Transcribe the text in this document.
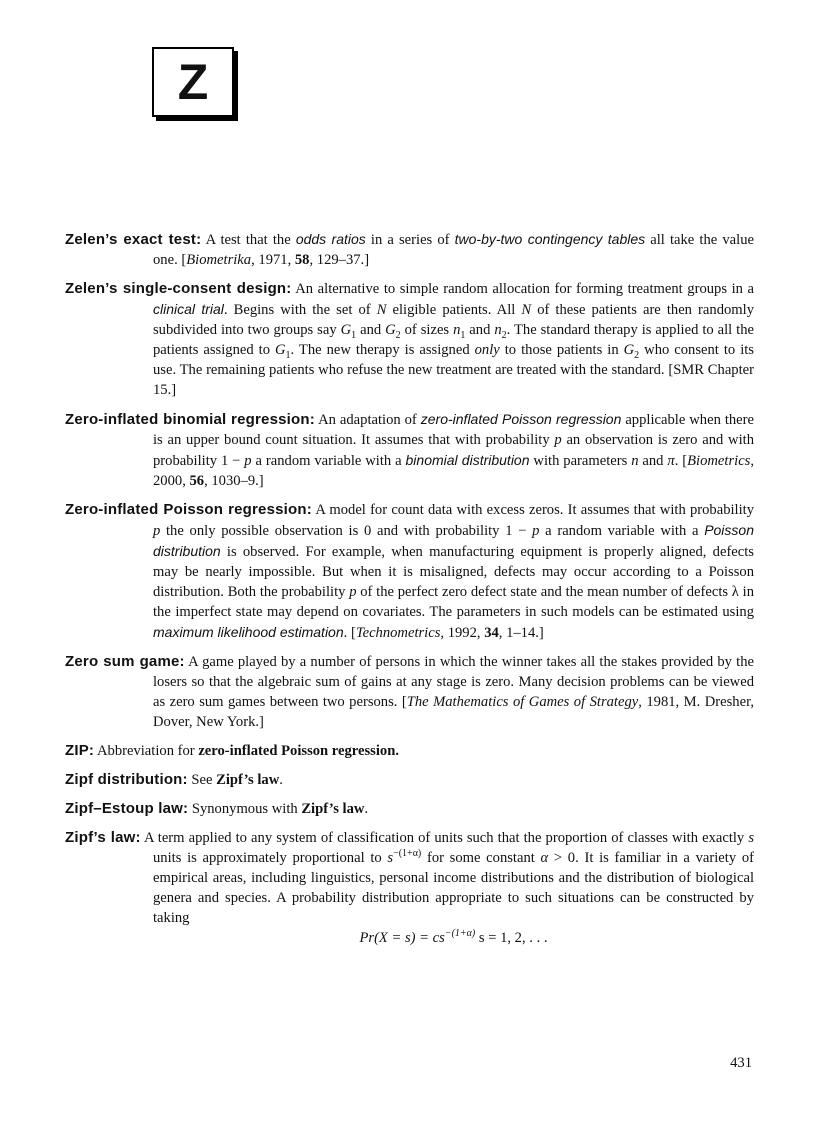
Z

Zelen’s exact test: A test that the odds ratios in a series of two-by-two contingency tables all take the value one. [Biometrika, 1971, 58, 129–37.]

Zelen’s single-consent design: An alternative to simple random allocation for forming treatment groups in a clinical trial. Begins with the set of N eligible patients. All N of these patients are then randomly subdivided into two groups say $G_1$ and $G_2$ of sizes $n_1$ and $n_2$. The standard therapy is applied to all the patients assigned to $G_1$. The new therapy is assigned only to those patients in $G_2$ who consent to its use. The remaining patients who refuse the new treatment are treated with the standard. [SMR Chapter 15.]

Zero-inflated binomial regression: An adaptation of zero-inflated Poisson regression applicable when there is an upper bound count situation. It assumes that with probability p an observation is zero and with probability 1 − p a random variable with a binomial distribution with parameters n and π. [Biometrics, 2000, 56, 1030–9.]

Zero-inflated Poisson regression: A model for count data with excess zeros. It assumes that with probability p the only possible observation is 0 and with probability 1 − p a random variable with a Poisson distribution is observed. For example, when manufacturing equipment is properly aligned, defects may be nearly impossible. But when it is misaligned, defects may occur according to a Poisson distribution. Both the probability p of the perfect zero defect state and the mean number of defects λ in the imperfect state may depend on covariates. The parameters in such models can be estimated using maximum likelihood estimation. [Technometrics, 1992, 34, 1–14.]

Zero sum game: A game played by a number of persons in which the winner takes all the stakes provided by the losers so that the algebraic sum of gains at any stage is zero. Many decision problems can be viewed as zero sum games between two persons. [The Mathematics of Games of Strategy, 1981, M. Dresher, Dover, New York.]

ZIP: Abbreviation for zero-inflated Poisson regression.

Zipf distribution: See Zipf’s law.

Zipf–Estoup law: Synonymous with Zipf’s law.

Zipf’s law: A term applied to any system of classification of units such that the proportion of classes with exactly s units is approximately proportional to $s^{-(1+\alpha)}$ for some constant α > 0. It is familiar in a variety of empirical areas, including linguistics, personal income distributions and the distribution of biological genera and species. A probability distribution appropriate to such situations can be constructed by taking

$Pr(X = s) = cs^{-(1+\alpha)}$ s = 1, 2, . . .
431
